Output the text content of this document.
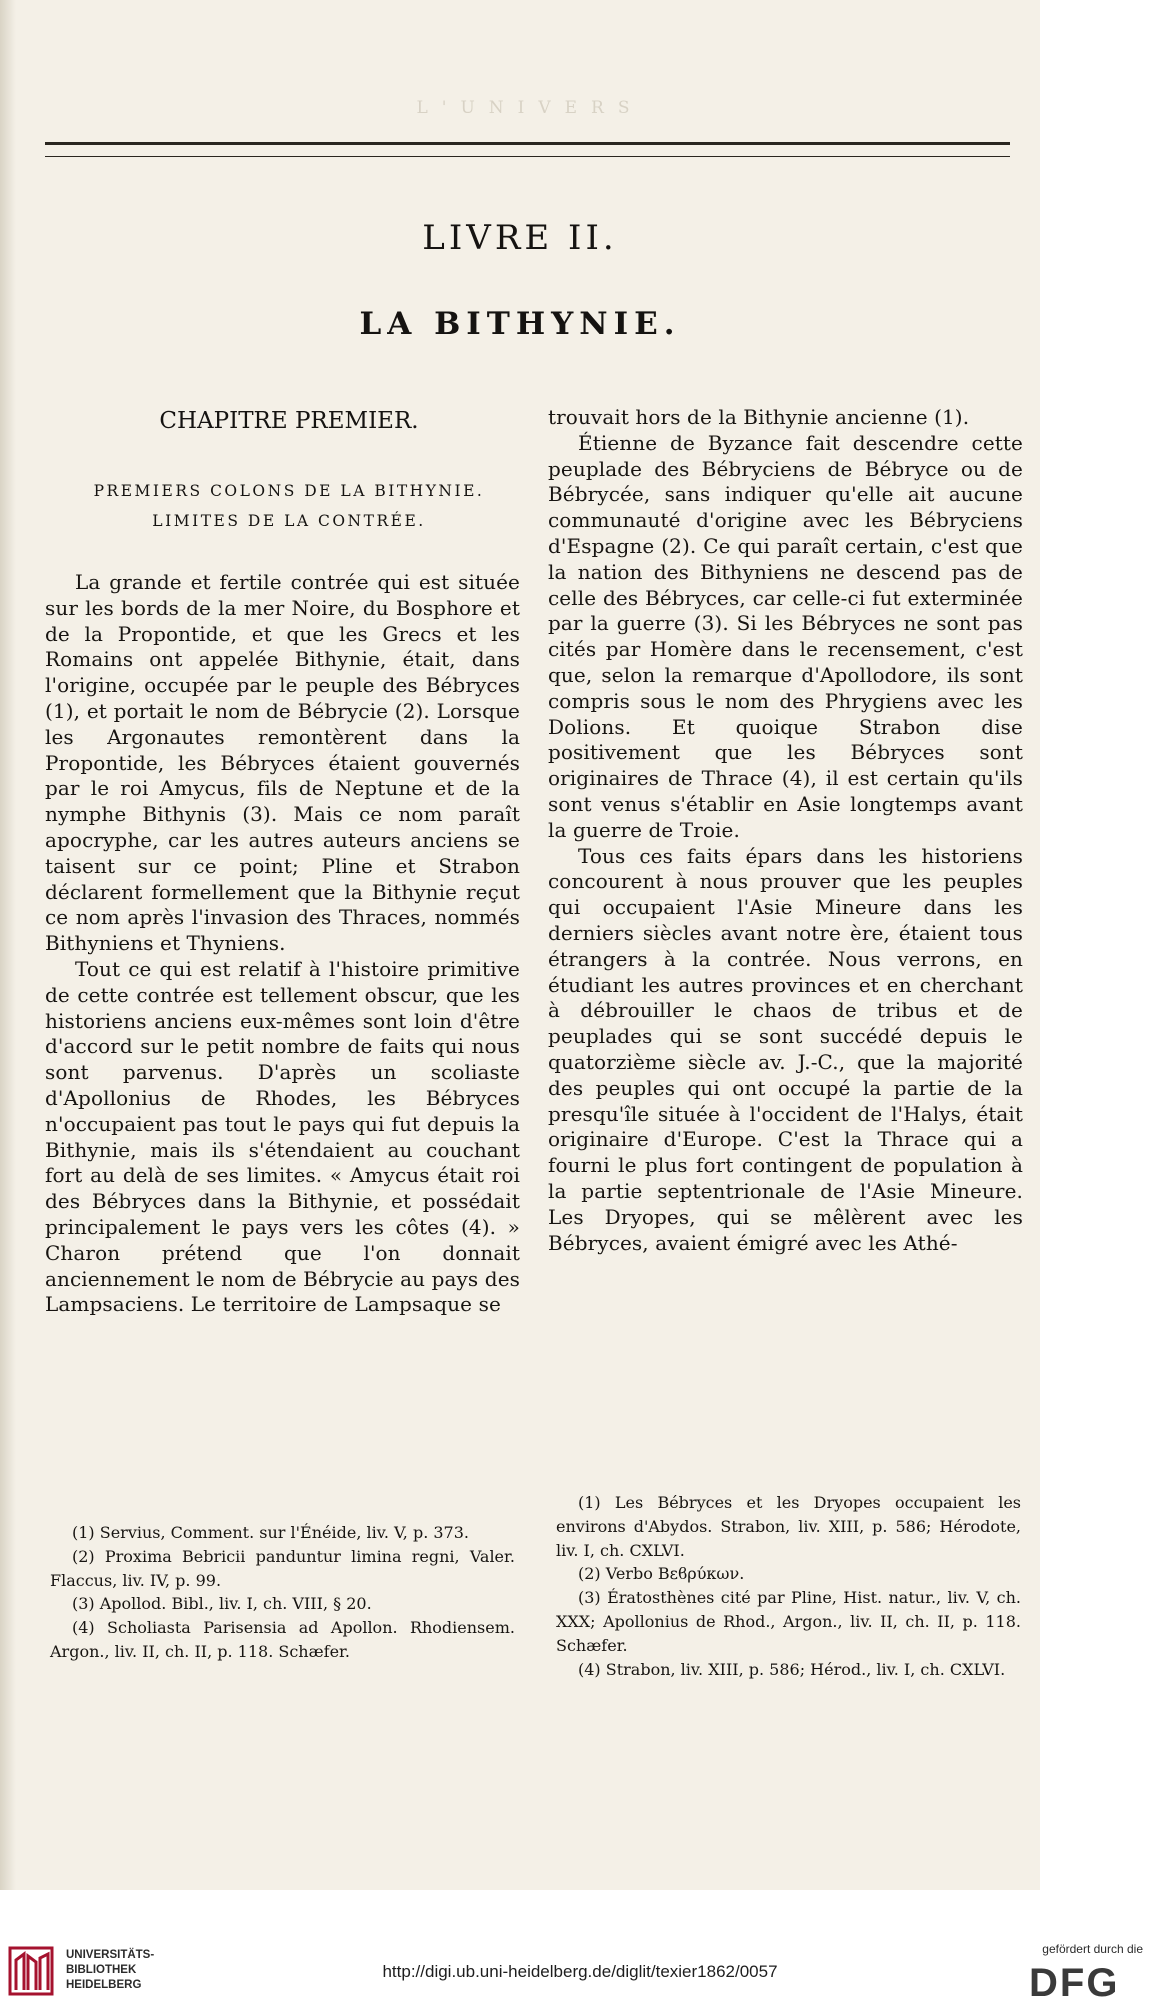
L'UNIVERS
LIVRE II.
LA BITHYNIE.
CHAPITRE PREMIER.
PREMIERS COLONS DE LA BITHYNIE.
LIMITES DE LA CONTRÉE.

La grande et fertile contrée qui est située sur les bords de la mer Noire, du Bosphore et de la Propontide, et que les Grecs et les Romains ont appelée Bithynie, était, dans l'origine, occupée par le peuple des Bébryces (1), et portait le nom de Bébrycie (2). Lorsque les Argonautes remontèrent dans la Propontide, les Bébryces étaient gouvernés par le roi Amycus, fils de Neptune et de la nymphe Bithynis (3). Mais ce nom paraît apocryphe, car les autres auteurs anciens se taisent sur ce point; Pline et Strabon déclarent formellement que la Bithynie reçut ce nom après l'invasion des Thraces, nommés Bithyniens et Thyniens.

Tout ce qui est relatif à l'histoire primitive de cette contrée est tellement obscur, que les historiens anciens eux-mêmes sont loin d'être d'accord sur le petit nombre de faits qui nous sont parvenus. D'après un scoliaste d'Apollonius de Rhodes, les Bébryces n'occupaient pas tout le pays qui fut depuis la Bithynie, mais ils s'étendaient au couchant fort au delà de ses limites. « Amycus était roi des Bébryces dans la Bithynie, et possédait principalement le pays vers les côtes (4). » Charon prétend que l'on donnait anciennement le nom de Bébrycie au pays des Lampsaciens. Le territoire de Lampsaque se

(1) Servius, Comment. sur l'Énéide, liv. V, p. 373.

(2) Proxima Bebricii panduntur limina regni, Valer. Flaccus, liv. IV, p. 99.

(3) Apollod. Bibl., liv. I, ch. VIII, § 20.

(4) Scholiasta Parisensia ad Apollon. Rhodiensem. Argon., liv. II, ch. II, p. 118. Schæfer.

trouvait hors de la Bithynie ancienne (1).

Étienne de Byzance fait descendre cette peuplade des Bébryciens de Bébryce ou de Bébrycée, sans indiquer qu'elle ait aucune communauté d'origine avec les Bébryciens d'Espagne (2). Ce qui paraît certain, c'est que la nation des Bithyniens ne descend pas de celle des Bébryces, car celle-ci fut exterminée par la guerre (3). Si les Bébryces ne sont pas cités par Homère dans le recensement, c'est que, selon la remarque d'Apollodore, ils sont compris sous le nom des Phrygiens avec les Dolions. Et quoique Strabon dise positivement que les Bébryces sont originaires de Thrace (4), il est certain qu'ils sont venus s'établir en Asie longtemps avant la guerre de Troie.

Tous ces faits épars dans les historiens concourent à nous prouver que les peuples qui occupaient l'Asie Mineure dans les derniers siècles avant notre ère, étaient tous étrangers à la contrée. Nous verrons, en étudiant les autres provinces et en cherchant à débrouiller le chaos de tribus et de peuplades qui se sont succédé depuis le quatorzième siècle av. J.-C., que la majorité des peuples qui ont occupé la partie de la presqu'île située à l'occident de l'Halys, était originaire d'Europe. C'est la Thrace qui a fourni le plus fort contingent de population à la partie septentrionale de l'Asie Mineure. Les Dryopes, qui se mêlèrent avec les Bébryces, avaient émigré avec les Athé-

(1) Les Bébryces et les Dryopes occupaient les environs d'Abydos. Strabon, liv. XIII, p. 586; Hérodote, liv. I, ch. CXLVI.

(2) Verbo Βεϐρύκων.

(3) Ératosthènes cité par Pline, Hist. natur., liv. V, ch. XXX; Apollonius de Rhod., Argon., liv. II, ch. II, p. 118. Schæfer.

(4) Strabon, liv. XIII, p. 586; Hérod., liv. I, ch. CXLVI.

UNIVERSITÄTS-
BIBLIOTHEK
HEIDELBERG
http://digi.ub.uni-heidelberg.de/diglit/texier1862/0057
gefördert durch die
DFG
